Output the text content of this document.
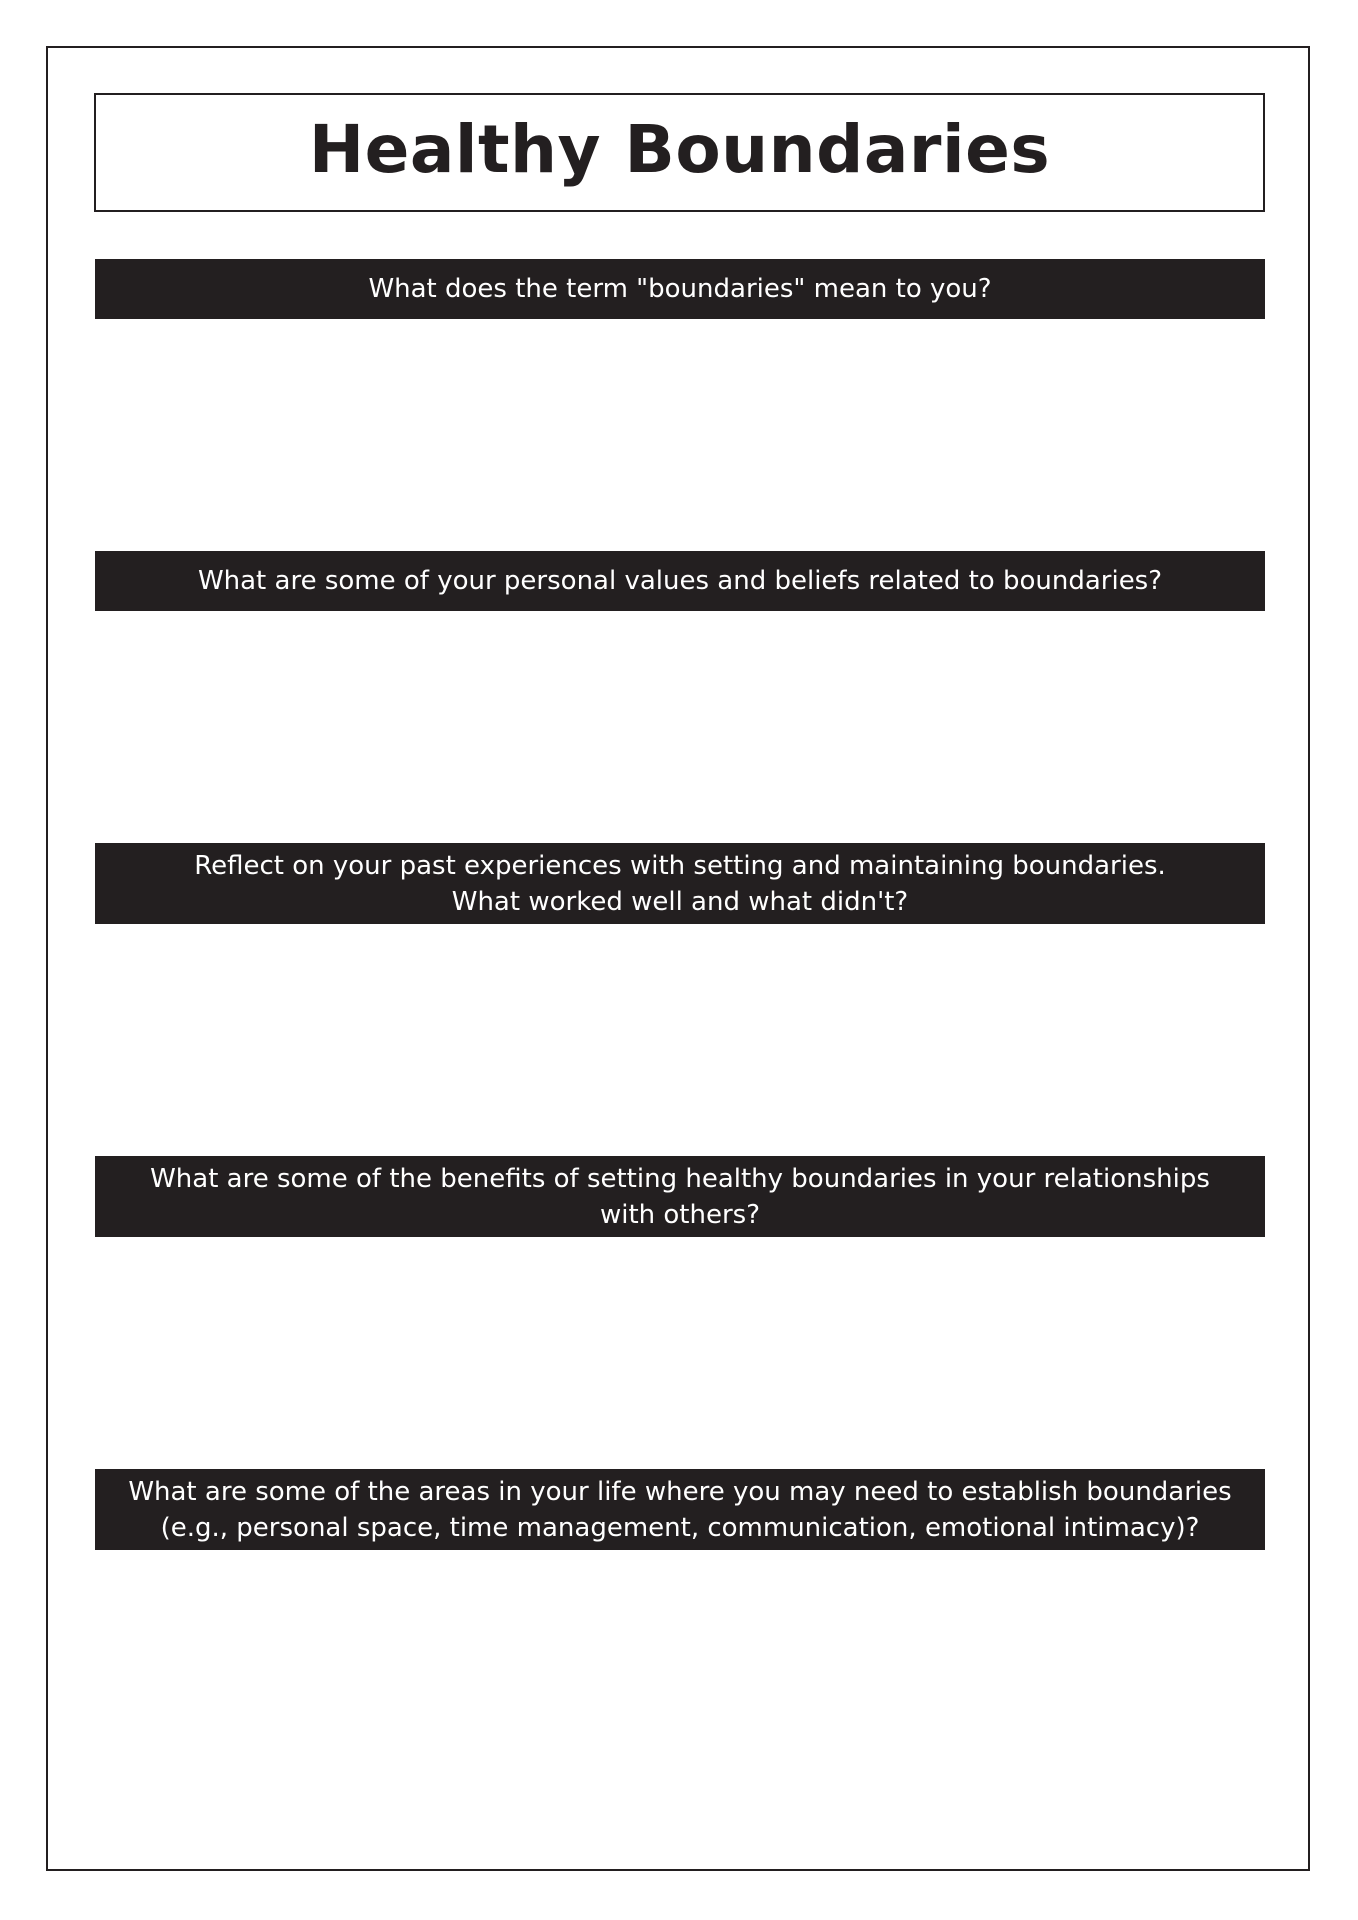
Healthy Boundaries
What does the term "boundaries" mean to you?
What are some of your personal values and beliefs related to boundaries?
Reflect on your past experiences with setting and maintaining boundaries.
What worked well and what didn't?
What are some of the benefits of setting healthy boundaries in your relationships
with others?
What are some of the areas in your life where you may need to establish boundaries
(e.g., personal space, time management, communication, emotional intimacy)?
